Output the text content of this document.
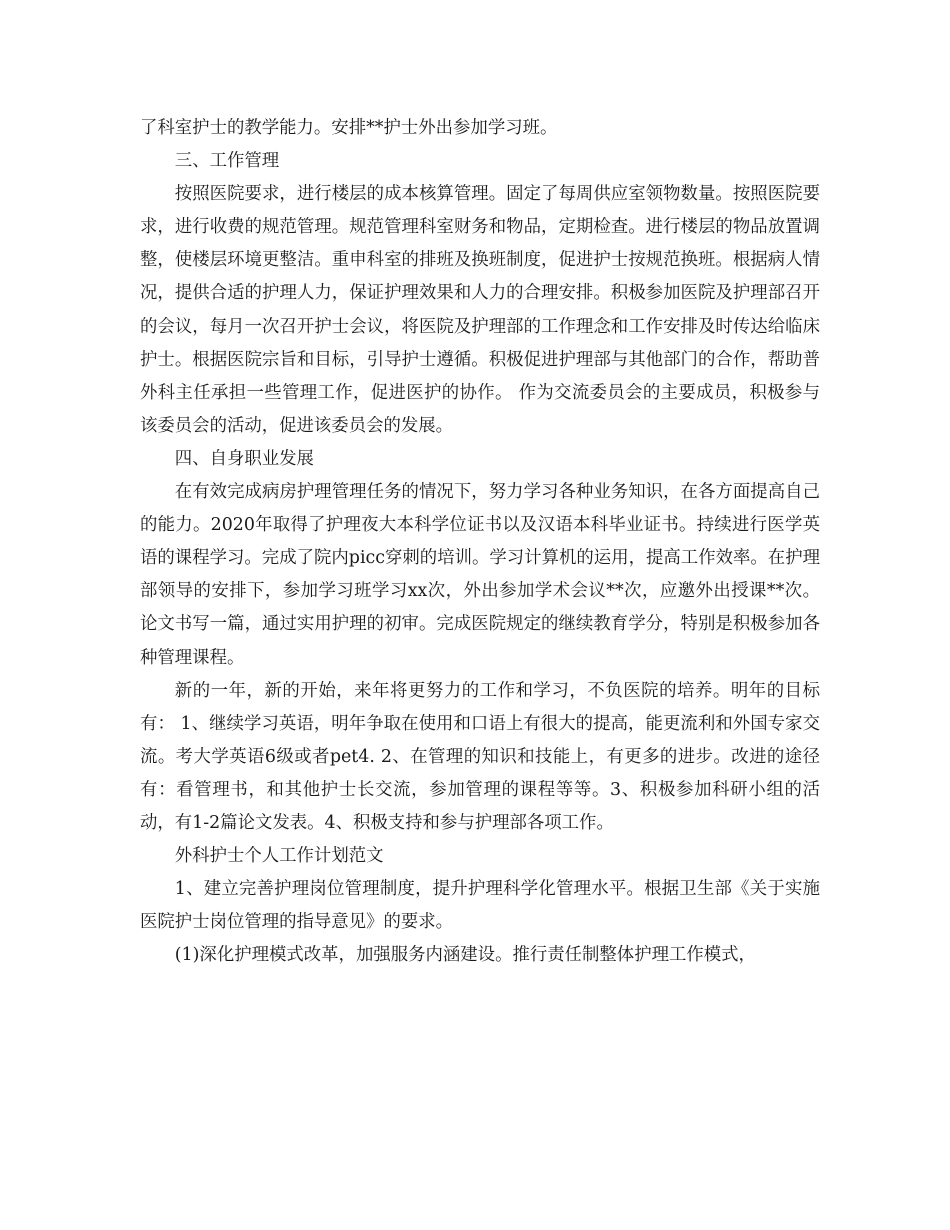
了科室护士的教学能力。安排**护士外出参加学习班。

三、工作管理

按照医院要求，进行楼层的成本核算管理。固定了每周供应室领物数量。按照医院要求，进行收费的规范管理。规范管理科室财务和物品，定期检查。进行楼层的物品放置调整，使楼层环境更整洁。重申科室的排班及换班制度，促进护士按规范换班。根据病人情况，提供合适的护理人力，保证护理效果和人力的合理安排。积极参加医院及护理部召开的会议，每月一次召开护士会议，将医院及护理部的工作理念和工作安排及时传达给临床护士。根据医院宗旨和目标，引导护士遵循。积极促进护理部与其他部门的合作，帮助普外科主任承担一些管理工作，促进医护的协作。 作为交流委员会的主要成员，积极参与该委员会的活动，促进该委员会的发展。

四、自身职业发展

在有效完成病房护理管理任务的情况下，努力学习各种业务知识，在各方面提高自己的能力。2020年取得了护理夜大本科学位证书以及汉语本科毕业证书。持续进行医学英语的课程学习。完成了院内picc穿刺的培训。学习计算机的运用，提高工作效率。在护理部领导的安排下，参加学习班学习xx次，外出参加学术会议**次，应邀外出授课**次。论文书写一篇，通过实用护理的初审。完成医院规定的继续教育学分，特别是积极参加各种管理课程。

新的一年，新的开始，来年将更努力的工作和学习，不负医院的培养。明年的目标有： 1、继续学习英语，明年争取在使用和口语上有很大的提高，能更流利和外国专家交流。考大学英语6级或者pet4. 2、在管理的知识和技能上，有更多的进步。改进的途径有：看管理书，和其他护士长交流，参加管理的课程等等。3、积极参加科研小组的活动，有1-2篇论文发表。4、积极支持和参与护理部各项工作。

外科护士个人工作计划范文

1、建立完善护理岗位管理制度，提升护理科学化管理水平。根据卫生部《关于实施医院护士岗位管理的指导意见》的要求。

(1)深化护理模式改革，加强服务内涵建设。推行责任制整体护理工作模式，
